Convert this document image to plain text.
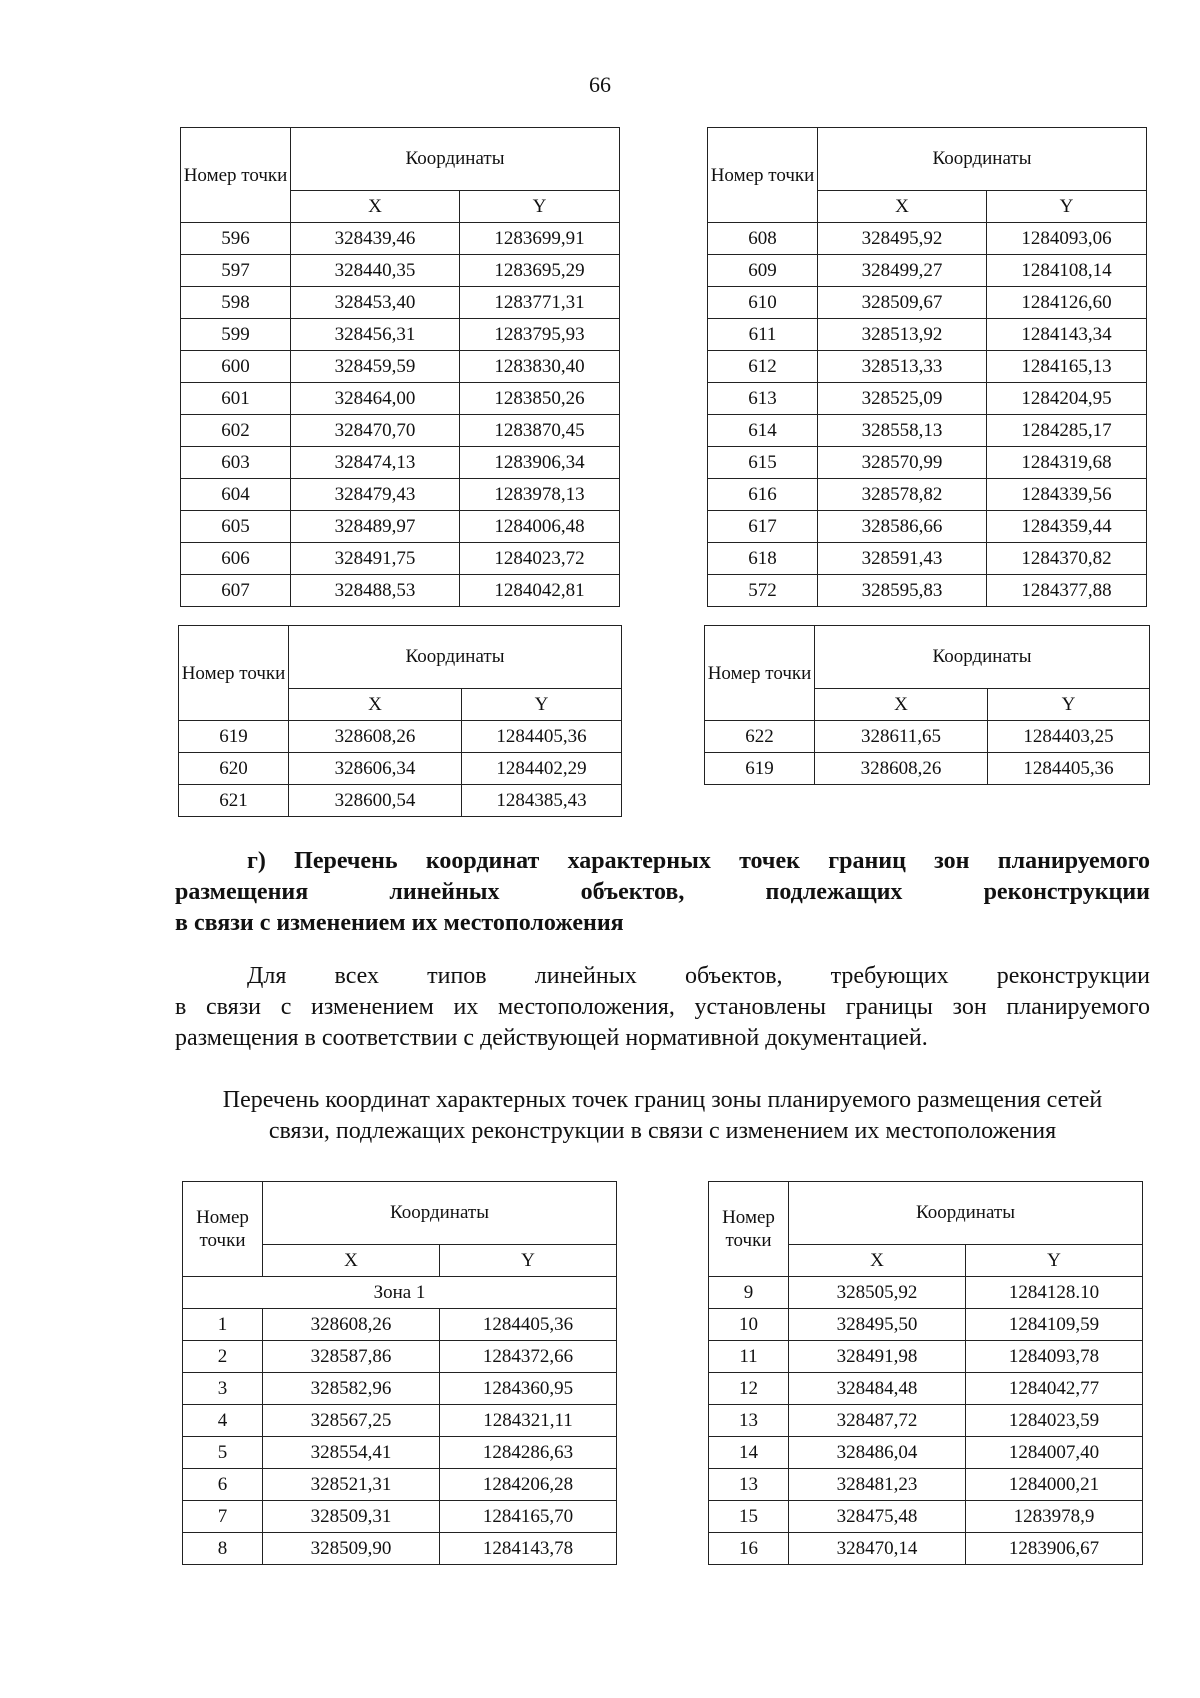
66
Номер точки	Координаты	
	X	Y
596	328439,46	1283699,91
597	328440,35	1283695,29
598	328453,40	1283771,31
599	328456,31	1283795,93
600	328459,59	1283830,40
601	328464,00	1283850,26
602	328470,70	1283870,45
603	328474,13	1283906,34
604	328479,43	1283978,13
605	328489,97	1284006,48
606	328491,75	1284023,72
607	328488,53	1284042,81
Номер точки	Координаты	
	X	Y
608	328495,92	1284093,06
609	328499,27	1284108,14
610	328509,67	1284126,60
611	328513,92	1284143,34
612	328513,33	1284165,13
613	328525,09	1284204,95
614	328558,13	1284285,17
615	328570,99	1284319,68
616	328578,82	1284339,56
617	328586,66	1284359,44
618	328591,43	1284370,82
572	328595,83	1284377,88
Номер точки	Координаты	
	X	Y
619	328608,26	1284405,36
620	328606,34	1284402,29
621	328600,54	1284385,43
Номер точки	Координаты	
	X	Y
622	328611,65	1284403,25
619	328608,26	1284405,36
г) Перечень координат характерных точек границ зон планируемого
размещения линейных объектов, подлежащих реконструкции
в связи с изменением их местоположения
Для всех типов линейных объектов, требующих реконструкции
в связи с изменением их местоположения, установлены границы зон планируемого
размещения в соответствии с действующей нормативной документацией.
Перечень координат характерных точек границ зоны планируемого размещения сетей
связи, подлежащих реконструкции в связи с изменением их местоположения
Номер точки	Координаты	
	X	Y
Зона 1		
1	328608,26	1284405,36
2	328587,86	1284372,66
3	328582,96	1284360,95
4	328567,25	1284321,11
5	328554,41	1284286,63
6	328521,31	1284206,28
7	328509,31	1284165,70
8	328509,90	1284143,78
Номер точки	Координаты	
	X	Y
9	328505,92	1284128.10
10	328495,50	1284109,59
11	328491,98	1284093,78
12	328484,48	1284042,77
13	328487,72	1284023,59
14	328486,04	1284007,40
13	328481,23	1284000,21
15	328475,48	1283978,9
16	328470,14	1283906,67
